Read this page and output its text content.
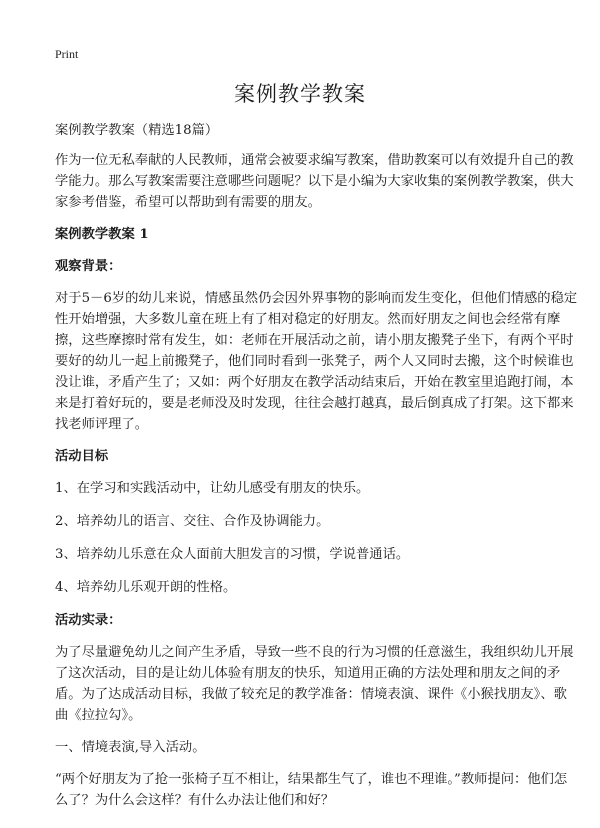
Print
案例教学教案

案例教学教案（精选18篇）

作为一位无私奉献的人民教师，通常会被要求编写教案，借助教案可以有效提升自己的教学能力。那么写教案需要注意哪些问题呢？以下是小编为大家收集的案例教学教案，供大家参考借鉴，希望可以帮助到有需要的朋友。

案例教学教案 1

观察背景：

对于5－6岁的幼儿来说，情感虽然仍会因外界事物的影响而发生变化，但他们情感的稳定性开始增强，大多数儿童在班上有了相对稳定的好朋友。然而好朋友之间也会经常有摩擦，这些摩擦时常有发生，如：老师在开展活动之前，请小朋友搬凳子坐下，有两个平时要好的幼儿一起上前搬凳子，他们同时看到一张凳子，两个人又同时去搬，这个时候谁也没让谁，矛盾产生了；又如：两个好朋友在教学活动结束后，开始在教室里追跑打闹，本来是打着好玩的，要是老师没及时发现，往往会越打越真，最后倒真成了打架。这下都来找老师评理了。

活动目标

1、在学习和实践活动中，让幼儿感受有朋友的快乐。

2、培养幼儿的语言、交往、合作及协调能力。

3、培养幼儿乐意在众人面前大胆发言的习惯，学说普通话。

4、培养幼儿乐观开朗的性格。

活动实录：

为了尽量避免幼儿之间产生矛盾，导致一些不良的行为习惯的任意滋生，我组织幼儿开展了这次活动，目的是让幼儿体验有朋友的快乐，知道用正确的方法处理和朋友之间的矛盾。为了达成活动目标，我做了较充足的教学准备：情境表演、课件《小猴找朋友》、歌曲《拉拉勾》。

一、情境表演,导入活动。

“两个好朋友为了抢一张椅子互不相让，结果都生气了，谁也不理谁。”教师提问：他们怎么了？为什么会这样？有什么办法让他们和好？
